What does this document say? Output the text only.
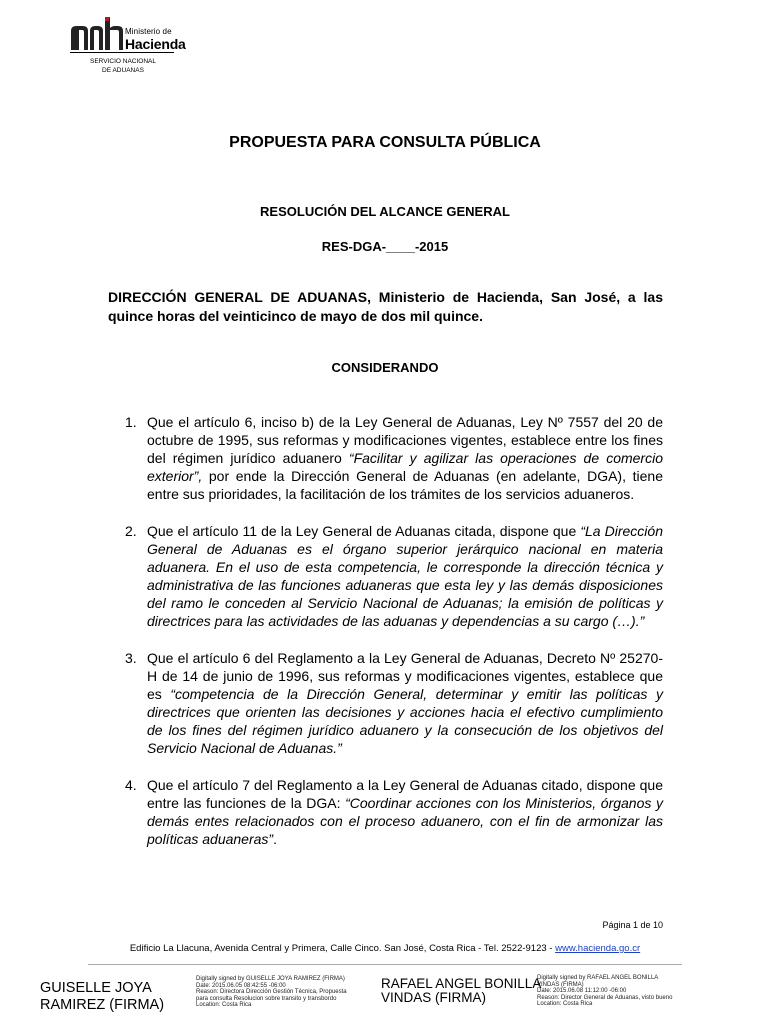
Ministerio de
Hacienda
SERVICIO NACIONAL
DE ADUANAS
PROPUESTA PARA CONSULTA PÚBLICA
RESOLUCIÓN DEL ALCANCE GENERAL
RES-DGA-____-2015
DIRECCIÓN GENERAL DE ADUANAS, Ministerio de Hacienda, San José, a las quince horas del veinticinco de mayo de dos mil quince.
CONSIDERANDO
1. Que el artículo 6, inciso b) de la Ley General de Aduanas, Ley Nº 7557 del 20 de octubre de 1995, sus reformas y modificaciones vigentes, establece entre los fines del régimen jurídico aduanero “Facilitar y agilizar las operaciones de comercio exterior”, por ende la Dirección General de Aduanas (en adelante, DGA), tiene entre sus prioridades, la facilitación de los trámites de los servicios aduaneros.
2. Que el artículo 11 de la Ley General de Aduanas citada, dispone que “La Dirección General de Aduanas es el órgano superior jerárquico nacional en materia aduanera. En el uso de esta competencia, le corresponde la dirección técnica y administrativa de las funciones aduaneras que esta ley y las demás disposiciones del ramo le conceden al Servicio Nacional de Aduanas; la emisión de políticas y directrices para las actividades de las aduanas y dependencias a su cargo (…).”
3. Que el artículo 6 del Reglamento a la Ley General de Aduanas, Decreto Nº 25270-H de 14 de junio de 1996, sus reformas y modificaciones vigentes, establece que es “competencia de la Dirección General, determinar y emitir las políticas y directrices que orienten las decisiones y acciones hacia el efectivo cumplimiento de los fines del régimen jurídico aduanero y la consecución de los objetivos del Servicio Nacional de Aduanas.”
4. Que el artículo 7 del Reglamento a la Ley General de Aduanas citado, dispone que entre las funciones de la DGA: “Coordinar acciones con los Ministerios, órganos y demás entes relacionados con el proceso aduanero, con el fin de armonizar las políticas aduaneras”.
Página 1 de 10
Edificio La Llacuna, Avenida Central y Primera, Calle Cinco. San José, Costa Rica - Tel. 2522-9123 - www.hacienda.go.cr
GUISELLE JOYA
RAMIREZ (FIRMA)
Digitally signed by GUISELLE JOYA RAMIREZ (FIRMA)
Date: 2015.06.05 08:42:55 -06:00
Reason: Directora Dirección Gestión Técnica, Propuesta
para consulta Resolucion sobre transito y transbordo
Location: Costa Rica
RAFAEL ANGEL BONILLA
VINDAS (FIRMA)
Digitally signed by RAFAEL ANGEL BONILLA
VINDAS (FIRMA)
Date: 2015.06.08 11:12:00 -06:00
Reason: Director General de Aduanas, visto bueno
Location: Costa Rica
